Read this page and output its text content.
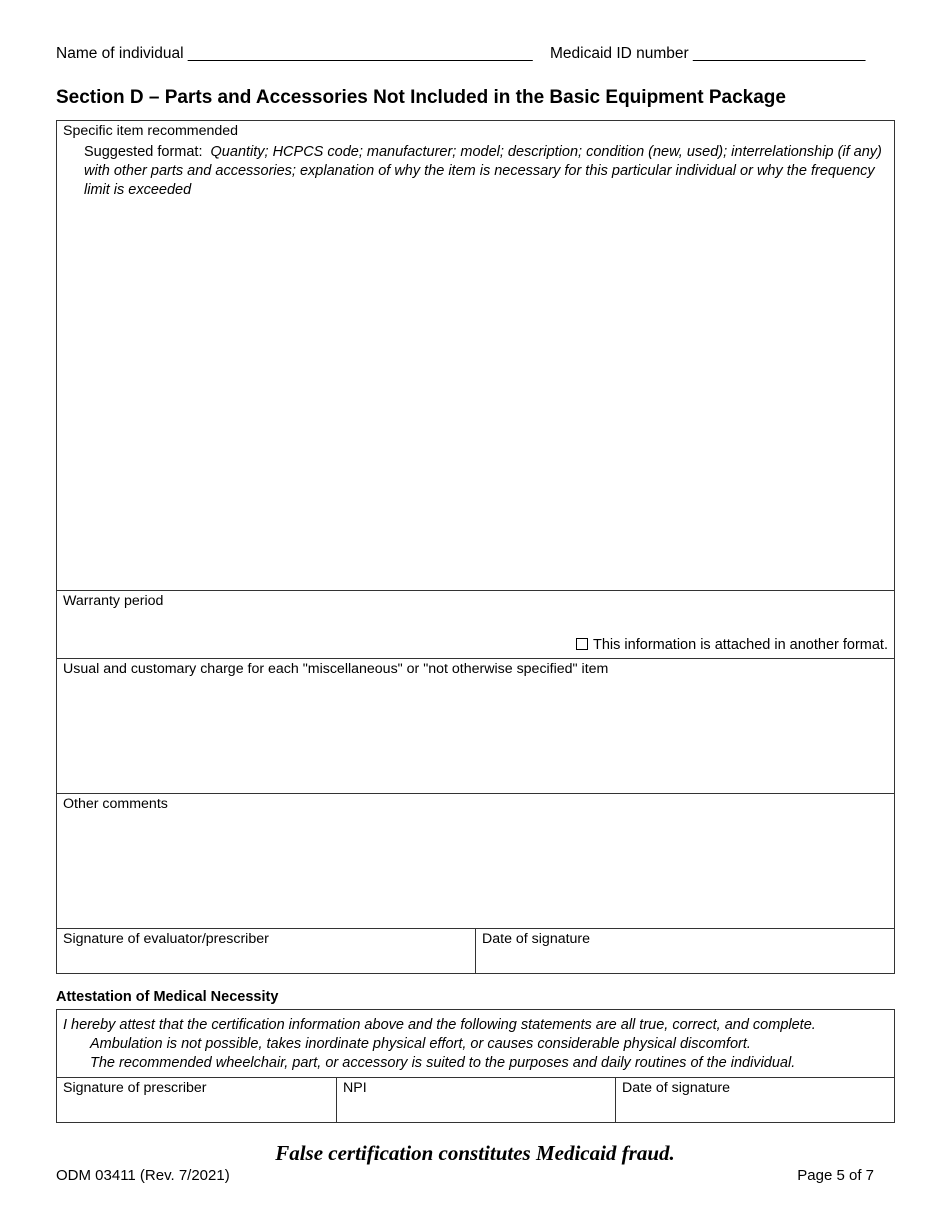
Name of individual ________________________________________ Medicaid ID number ____________________
Section D – Parts and Accessories Not Included in the Basic Equipment Package
Specific item recommended
Suggested format: Quantity; HCPCS code; manufacturer; model; description; condition (new, used); interrelationship (if any)
with other parts and accessories; explanation of why the item is necessary for this particular individual or why the frequency
limit is exceeded
Warranty period
This information is attached in another format.
Usual and customary charge for each "miscellaneous" or "not otherwise specified" item
Other comments
Signature of evaluator/prescriber	Date of signature
Attestation of Medical Necessity
I hereby attest that the certification information above and the following statements are all true, correct, and complete.
Ambulation is not possible, takes inordinate physical effort, or causes considerable physical discomfort.
The recommended wheelchair, part, or accessory is suited to the purposes and daily routines of the individual.
Signature of prescriber	NPI	Date of signature
False certification constitutes Medicaid fraud.
ODM 03411 (Rev. 7/2021)	Page 5 of 7
